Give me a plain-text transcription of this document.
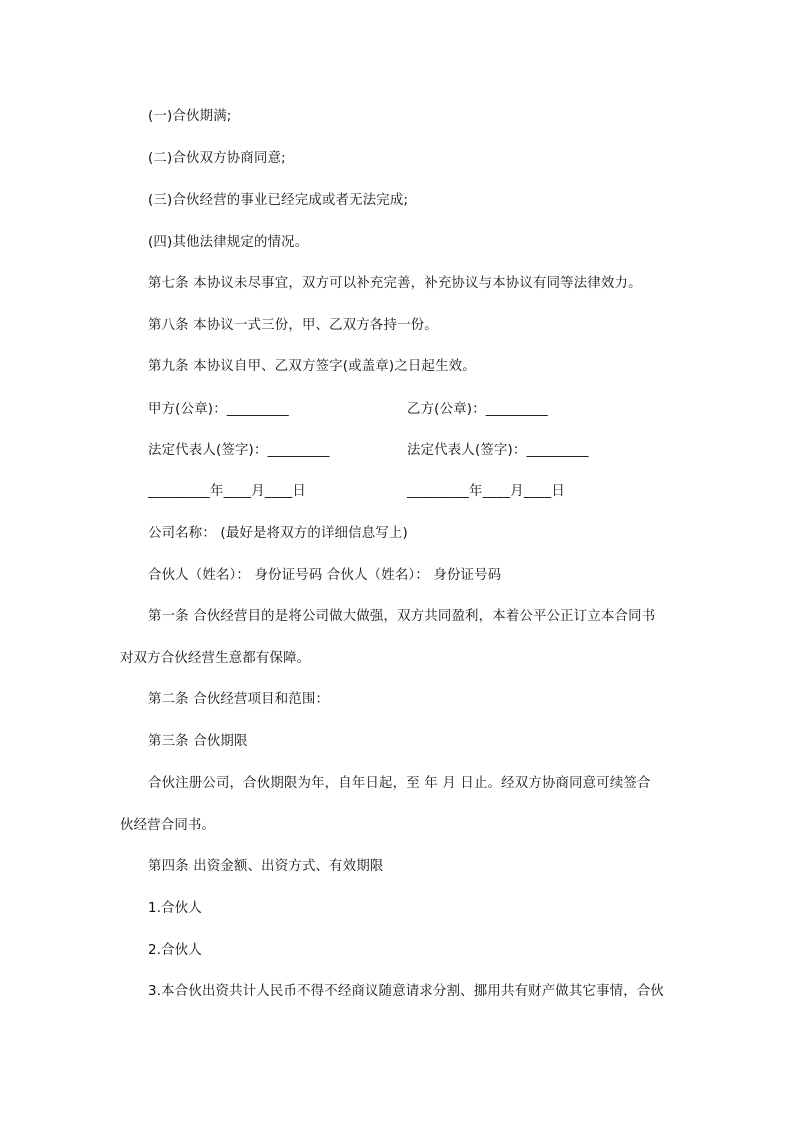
(一)合伙期满;
(二)合伙双方协商同意;
(三)合伙经营的事业已经完成或者无法完成;
(四)其他法律规定的情况。
第七条 本协议未尽事宜，双方可以补充完善，补充协议与本协议有同等法律效力。
第八条 本协议一式三份，甲、乙双方各持一份。
第九条 本协议自甲、乙双方签字(或盖章)之日起生效。
甲方(公章)：_________	乙方(公章)：_________
法定代表人(签字)：_________	法定代表人(签字)：_________
_________年____月____日	_________年____月____日
公司名称： (最好是将双方的详细信息写上)
合伙人（姓名）： 身份证号码 合伙人（姓名）： 身份证号码
第一条 合伙经营目的是将公司做大做强，双方共同盈利，本着公平公正订立本合同书
对双方合伙经营生意都有保障。
第二条 合伙经营项目和范围：
第三条 合伙期限
合伙注册公司，合伙期限为年，自年日起，至 年 月 日止。经双方协商同意可续签合
伙经营合同书。
第四条 出资金额、出资方式、有效期限
1.合伙人
2.合伙人
3.本合伙出资共计人民币不得不经商议随意请求分割、挪用共有财产做其它事情，合伙
